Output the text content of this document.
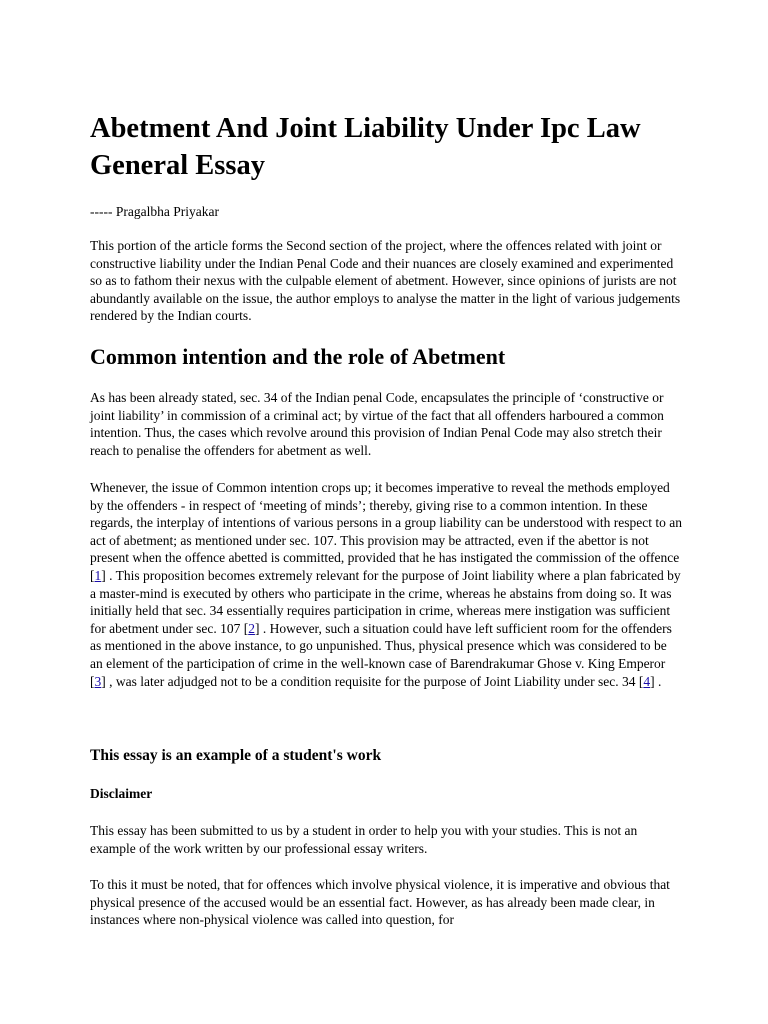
Abetment And Joint Liability Under Ipc Law General Essay

----- Pragalbha Priyakar

This portion of the article forms the Second section of the project, where the offences related with joint or constructive liability under the Indian Penal Code and their nuances are closely examined and experimented so as to fathom their nexus with the culpable element of abetment. However, since opinions of jurists are not abundantly available on the issue, the author employs to analyse the matter in the light of various judgements rendered by the Indian courts.

Common intention and the role of Abetment

As has been already stated, sec. 34 of the Indian penal Code, encapsulates the principle of ‘constructive or joint liability’ in commission of a criminal act; by virtue of the fact that all offenders harboured a common intention. Thus, the cases which revolve around this provision of Indian Penal Code may also stretch their reach to penalise the offenders for abetment as well.

Whenever, the issue of Common intention crops up; it becomes imperative to reveal the methods employed by the offenders - in respect of ‘meeting of minds’; thereby, giving rise to a common intention. In these regards, the interplay of intentions of various persons in a group liability can be understood with respect to an act of abetment; as mentioned under sec. 107. This provision may be attracted, even if the abettor is not present when the offence abetted is committed, provided that he has instigated the commission of the offence [1] . This proposition becomes extremely relevant for the purpose of Joint liability where a plan fabricated by a master-mind is executed by others who participate in the crime, whereas he abstains from doing so. It was initially held that sec. 34 essentially requires participation in crime, whereas mere instigation was sufficient for abetment under sec. 107 [2] . However, such a situation could have left sufficient room for the offenders as mentioned in the above instance, to go unpunished. Thus, physical presence which was considered to be an element of the participation of crime in the well-known case of Barendrakumar Ghose v. King Emperor [3] , was later adjudged not to be a condition requisite for the purpose of Joint Liability under sec. 34 [4] .

This essay is an example of a student's work
Disclaimer

This essay has been submitted to us by a student in order to help you with your studies. This is not an example of the work written by our professional essay writers.

To this it must be noted, that for offences which involve physical violence, it is imperative and obvious that physical presence of the accused would be an essential fact. However, as has already been made clear, in instances where non-physical violence was called into question, for
